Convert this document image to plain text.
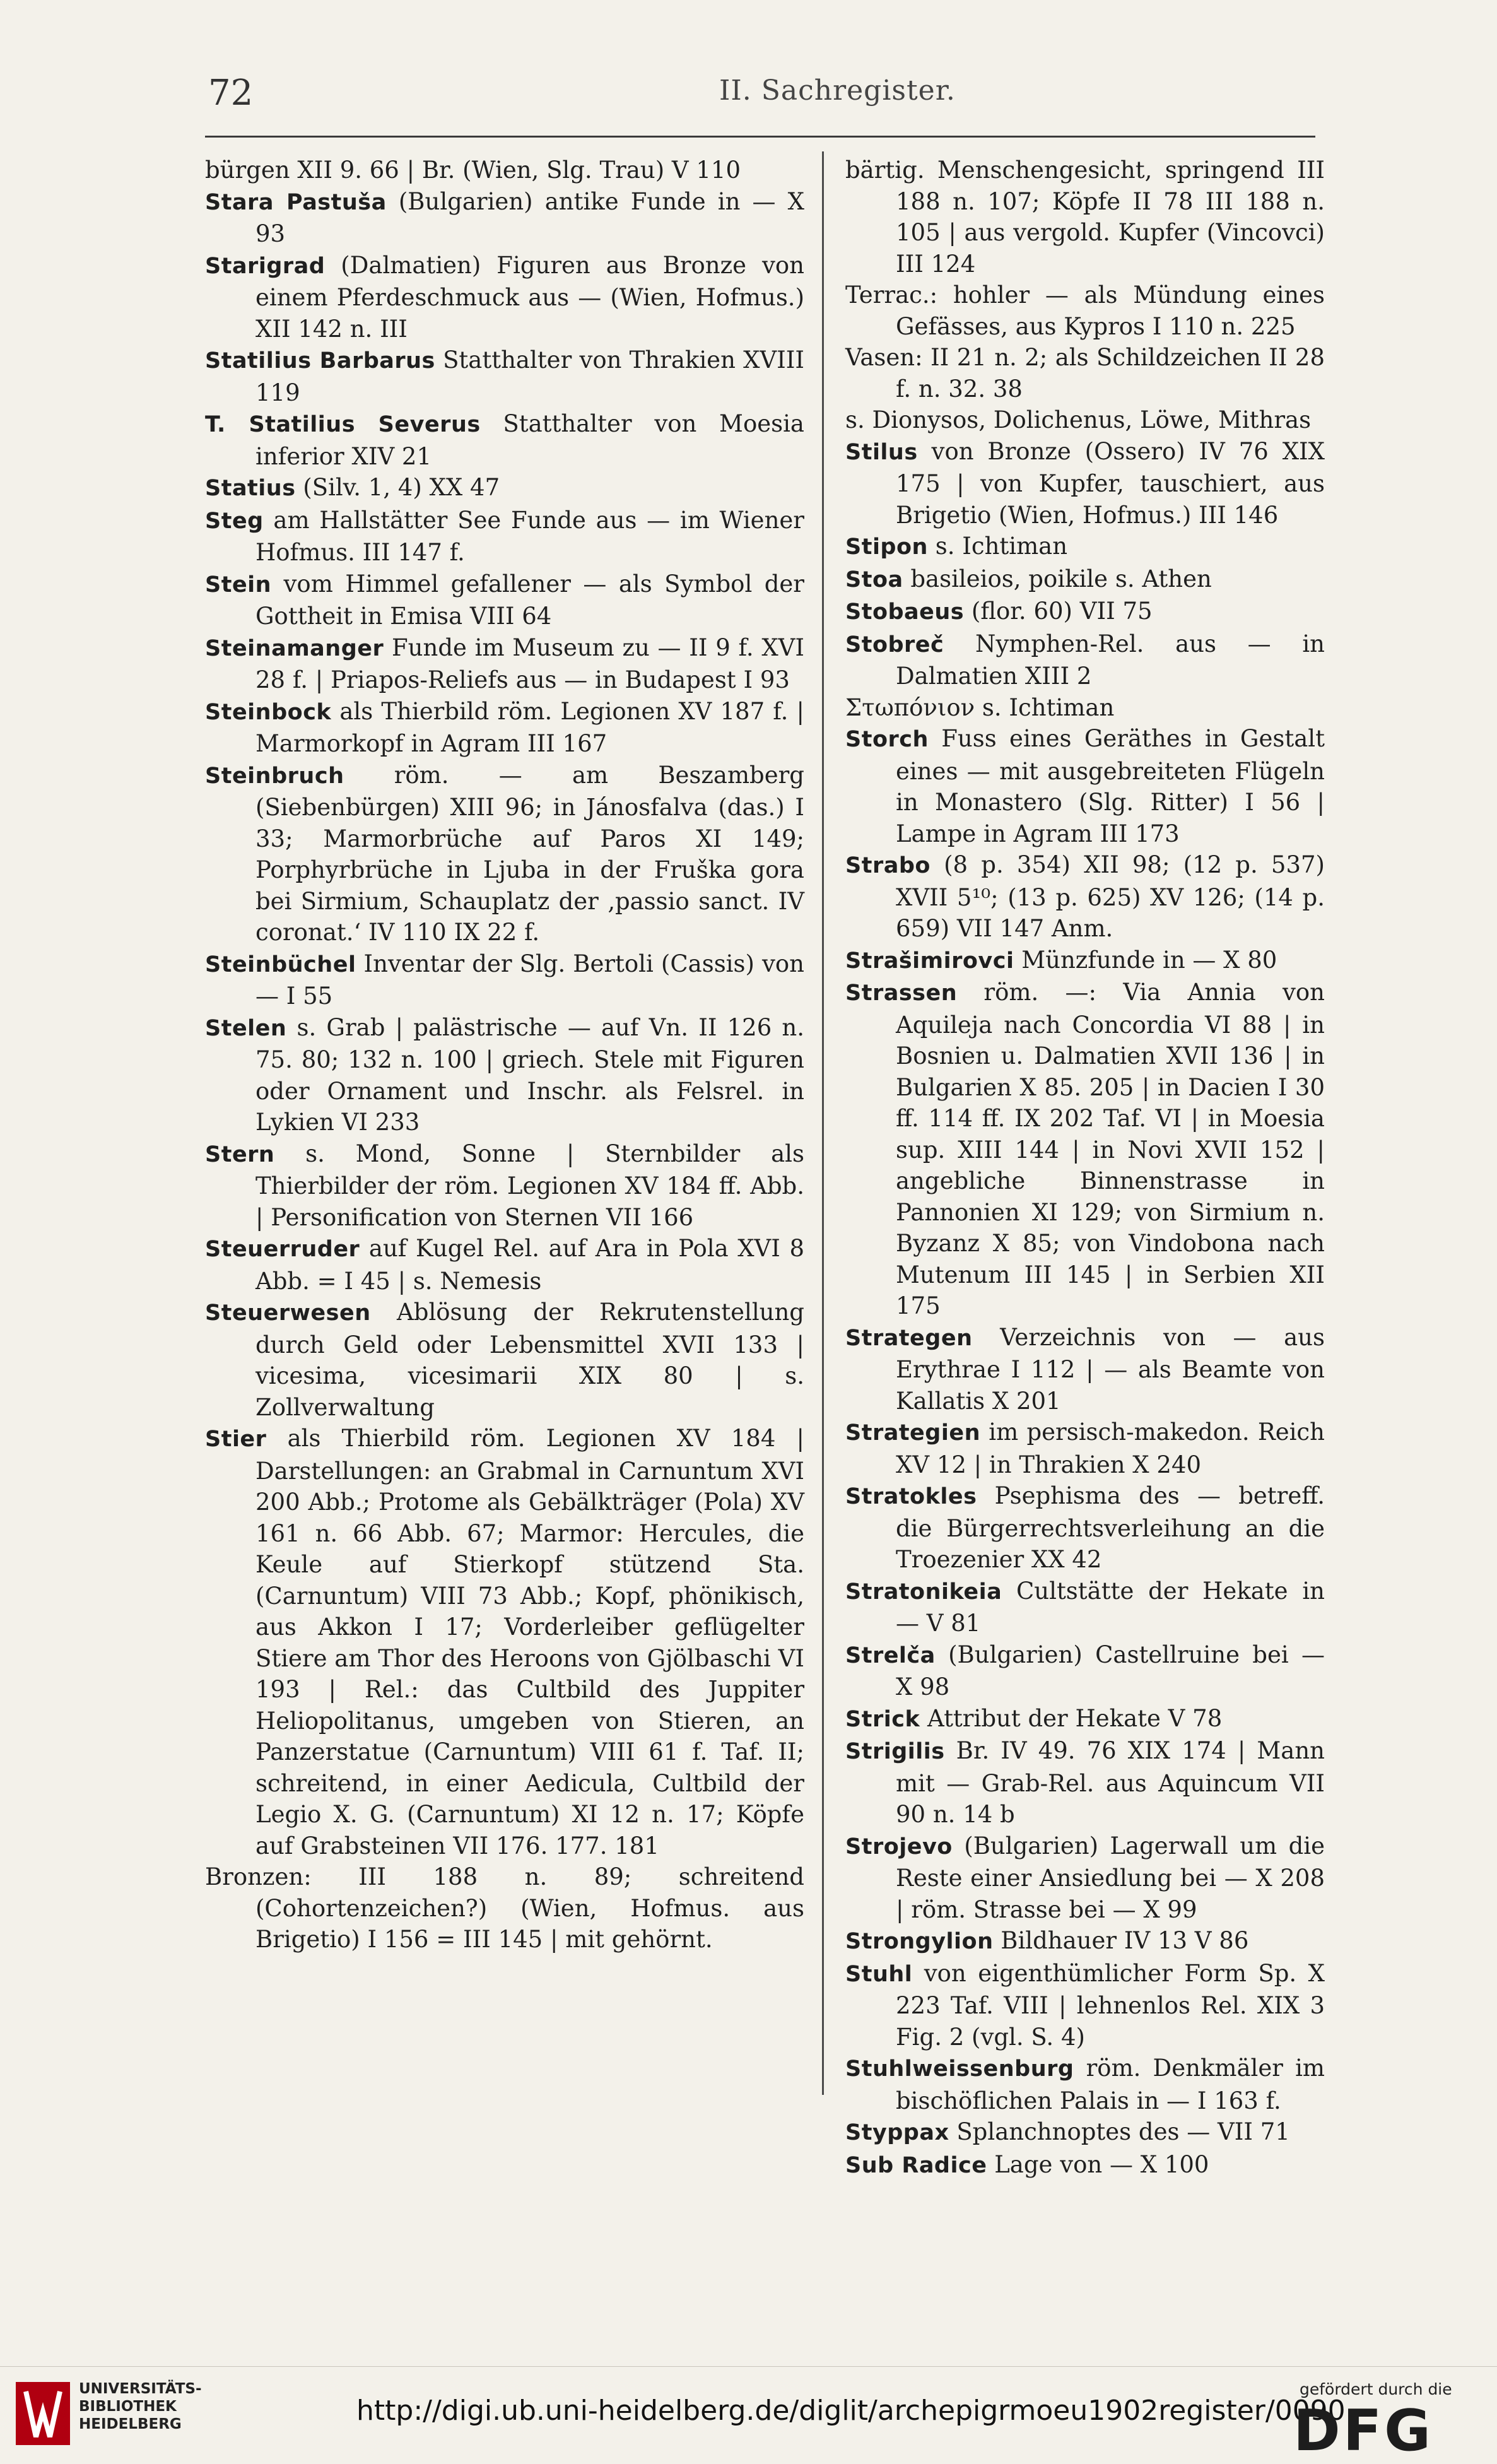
72	II. Sachregister.

bürgen XII 9. 66 | Br. (Wien, Slg. Trau) V 110

Stara Pastuša (Bulgarien) antike Funde in — X 93

Starigrad (Dalmatien) Figuren aus Bronze von einem Pferdeschmuck aus — (Wien, Hofmus.) XII 142 n. III

Statilius Barbarus Statthalter von Thrakien XVIII 119

T. Statilius Severus Statthalter von Moesia inferior XIV 21

Statius (Silv. 1, 4) XX 47

Steg am Hallstätter See Funde aus — im Wiener Hofmus. III 147 f.

Stein vom Himmel gefallener — als Symbol der Gottheit in Emisa VIII 64

Steinamanger Funde im Museum zu — II 9 f. XVI 28 f. | Priapos-Reliefs aus — in Budapest I 93

Steinbock als Thierbild röm. Legionen XV 187 f. | Marmorkopf in Agram III 167

Steinbruch röm. — am Beszamberg (Siebenbürgen) XIII 96; in Jánosfalva (das.) I 33; Marmorbrüche auf Paros XI 149; Porphyrbrüche in Ljuba in der Fruška gora bei Sirmium, Schauplatz der ‚passio sanct. IV coronat.‘ IV 110 IX 22 f.

Steinbüchel Inventar der Slg. Bertoli (Cassis) von — I 55

Stelen s. Grab | palästrische — auf Vn. II 126 n. 75. 80; 132 n. 100 | griech. Stele mit Figuren oder Ornament und Inschr. als Felsrel. in Lykien VI 233

Stern s. Mond, Sonne | Sternbilder als Thierbilder der röm. Legionen XV 184 ff. Abb. | Personification von Sternen VII 166

Steuerruder auf Kugel Rel. auf Ara in Pola XVI 8 Abb. = I 45 | s. Nemesis

Steuerwesen Ablösung der Rekrutenstellung durch Geld oder Lebensmittel XVII 133 | vicesima, vicesimarii XIX 80 | s. Zollverwaltung

Stier als Thierbild röm. Legionen XV 184 | Darstellungen: an Grabmal in Carnuntum XVI 200 Abb.; Protome als Gebälkträger (Pola) XV 161 n. 66 Abb. 67; Marmor: Hercules, die Keule auf Stierkopf stützend Sta. (Carnuntum) VIII 73 Abb.; Kopf, phönikisch, aus Akkon I 17; Vorderleiber geflügelter Stiere am Thor des Heroons von Gjölbaschi VI 193 | Rel.: das Cultbild des Juppiter Heliopolitanus, umgeben von Stieren, an Panzerstatue (Carnuntum) VIII 61 f. Taf. II; schreitend, in einer Aedicula, Cultbild der Legio X. G. (Carnuntum) XI 12 n. 17; Köpfe auf Grabsteinen VII 176. 177. 181

Bronzen: III 188 n. 89; schreitend (Cohortenzeichen?) (Wien, Hofmus. aus Brigetio) I 156 = III 145 | mit gehörnt.

bärtig. Menschengesicht, springend III 188 n. 107; Köpfe II 78 III 188 n. 105 | aus vergold. Kupfer (Vincovci) III 124

Terrac.: hohler — als Mündung eines Gefässes, aus Kypros I 110 n. 225

Vasen: II 21 n. 2; als Schildzeichen II 28 f. n. 32. 38

s. Dionysos, Dolichenus, Löwe, Mithras

Stilus von Bronze (Ossero) IV 76 XIX 175 | von Kupfer, tauschiert, aus Brigetio (Wien, Hofmus.) III 146

Stipon s. Ichtiman

Stoa basileios, poikile s. Athen

Stobaeus (flor. 60) VII 75

Stobreč Nymphen-Rel. aus — in Dalmatien XIII 2

Στωπόνιον s. Ichtiman

Storch Fuss eines Geräthes in Gestalt eines — mit ausgebreiteten Flügeln in Monastero (Slg. Ritter) I 56 | Lampe in Agram III 173

Strabo (8 p. 354) XII 98; (12 p. 537) XVII 5¹⁰; (13 p. 625) XV 126; (14 p. 659) VII 147 Anm.

Strašimirovci Münzfunde in — X 80

Strassen röm. —: Via Annia von Aquileja nach Concordia VI 88 | in Bosnien u. Dalmatien XVII 136 | in Bulgarien X 85. 205 | in Dacien I 30 ff. 114 ff. IX 202 Taf. VI | in Moesia sup. XIII 144 | in Novi XVII 152 | angebliche Binnenstrasse in Pannonien XI 129; von Sirmium n. Byzanz X 85; von Vindobona nach Mutenum III 145 | in Serbien XII 175

Strategen Verzeichnis von — aus Erythrae I 112 | — als Beamte von Kallatis X 201

Strategien im persisch-makedon. Reich XV 12 | in Thrakien X 240

Stratokles Psephisma des — betreff. die Bürgerrechtsverleihung an die Troezenier XX 42

Stratonikeia Cultstätte der Hekate in — V 81

Strelča (Bulgarien) Castellruine bei — X 98

Strick Attribut der Hekate V 78

Strigilis Br. IV 49. 76 XIX 174 | Mann mit — Grab-Rel. aus Aquincum VII 90 n. 14 b

Strojevo (Bulgarien) Lagerwall um die Reste einer Ansiedlung bei — X 208 | röm. Strasse bei — X 99

Strongylion Bildhauer IV 13 V 86

Stuhl von eigenthümlicher Form Sp. X 223 Taf. VIII | lehnenlos Rel. XIX 3 Fig. 2 (vgl. S. 4)

Stuhlweissenburg röm. Denkmäler im bischöflichen Palais in — I 163 f.

Styppax Splanchnoptes des — VII 71

Sub Radice Lage von — X 100

UNIVERSITÄTS-
BIBLIOTHEK
HEIDELBERG	http://digi.ub.uni-heidelberg.de/diglit/archepigrmoeu1902register/0090
gefördert durch die
DFG
